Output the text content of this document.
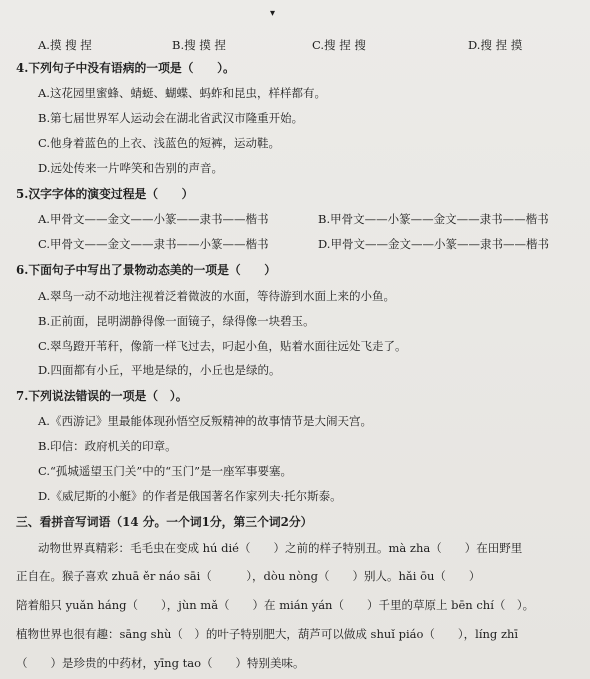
▾
A.摸 搜 捏	B.搜 摸 捏	C.搜 捏 搜	D.搜 捏 摸
4.下列句子中没有语病的一项是（　　）。
A.这花园里蜜蜂、蜻蜓、蝴蝶、蚂蚱和昆虫，样样都有。
B.第七届世界军人运动会在湖北省武汉市隆重开始。
C.他身着蓝色的上衣、浅蓝色的短裤，运动鞋。
D.远处传来一片哗笑和告别的声音。
5.汉字字体的演变过程是（　　）
A.甲骨文——金文——小篆——隶书——楷书	B.甲骨文——小篆——金文——隶书——楷书
C.甲骨文——金文——隶书——小篆——楷书	D.甲骨文——金文——小篆——隶书——楷书
6.下面句子中写出了景物动态美的一项是（　　）
A.翠鸟一动不动地注视着泛着微波的水面，等待游到水面上来的小鱼。
B.正前面，昆明湖静得像一面镜子，绿得像一块碧玉。
C.翠鸟蹬开苇秆，像箭一样飞过去，叼起小鱼，贴着水面往远处飞走了。
D.四面都有小丘，平地是绿的，小丘也是绿的。
7.下列说法错误的一项是（　）。
A.《西游记》里最能体现孙悟空反叛精神的故事情节是大闹天宫。
B.印信：政府机关的印章。
C.“孤城遥望玉门关”中的“玉门”是一座军事要塞。
D.《威尼斯的小艇》的作者是俄国著名作家列夫·托尔斯泰。
三、看拼音写词语（14 分。一个词1分，第三个词2分）
动物世界真精彩：毛毛虫在变成 hú dié（　　）之前的样子特别丑。mà zha（　　）在田野里
正自在。猴子喜欢 zhuā ěr náo sāi（　　　），dòu nòng（　　）别人。hǎi ōu（　　）
陪着船只 yuǎn háng（　　），jùn mǎ（　　）在 mián yán（　　）千里的草原上 bēn chí（　）。
植物世界也很有趣：sāng shù（　）的叶子特别肥大，葫芦可以做成 shuǐ piáo（　　），líng zhī
（　　）是珍贵的中药材，yīng tao（　　）特别美味。
